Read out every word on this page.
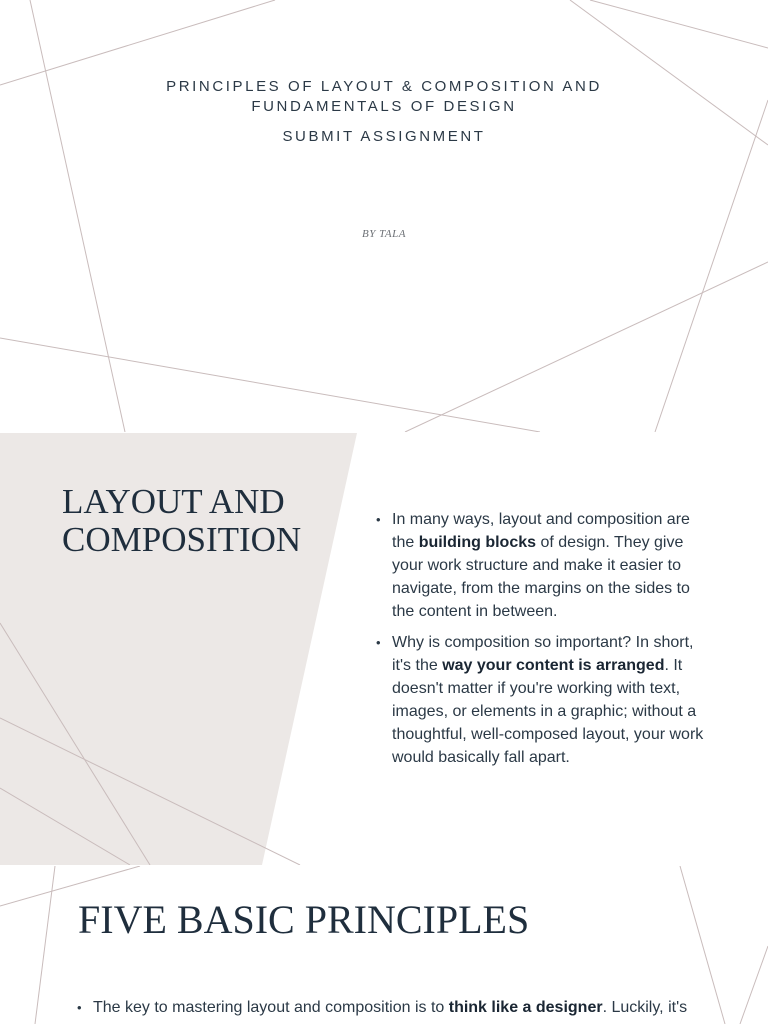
PRINCIPLES OF LAYOUT & COMPOSITION AND FUNDAMENTALS OF DESIGN

SUBMIT ASSIGNMENT

BY TALA
LAYOUT AND
COMPOSITION
• In many ways, layout and composition are the building blocks of design. They give your work structure and make it easier to navigate, from the margins on the sides to the content in between.
• Why is composition so important? In short, it's the way your content is arranged. It doesn't matter if you're working with text, images, or elements in a graphic; without a thoughtful, well-composed layout, your work would basically fall apart.
FIVE BASIC PRINCIPLES
• The key to mastering layout and composition is to think like a designer. Luckily, it's
